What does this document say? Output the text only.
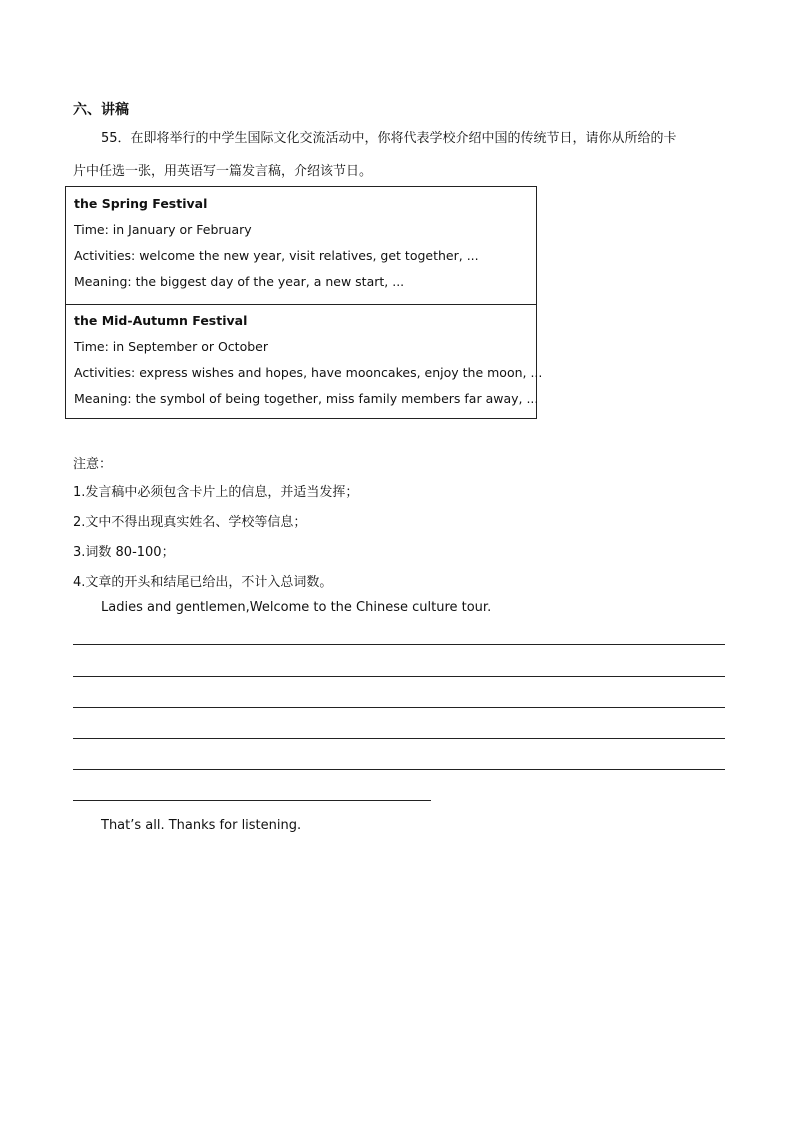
六、讲稿
55．在即将举行的中学生国际文化交流活动中，你将代表学校介绍中国的传统节日，请你从所给的卡
片中任选一张，用英语写一篇发言稿，介绍该节日。
the Spring Festival
Time: in January or February
Activities: welcome the new year, visit relatives, get together, ...
Meaning: the biggest day of the year, a new start, ...
the Mid-Autumn Festival
Time: in September or October
Activities: express wishes and hopes, have mooncakes, enjoy the moon, ...
Meaning: the symbol of being together, miss family members far away, ...
注意：
1.发言稿中必须包含卡片上的信息，并适当发挥；
2.文中不得出现真实姓名、学校等信息；
3.词数 80-100；
4.文章的开头和结尾已给出，不计入总词数。
Ladies and gentlemen,Welcome to the Chinese culture tour.
That’s all. Thanks for listening.
